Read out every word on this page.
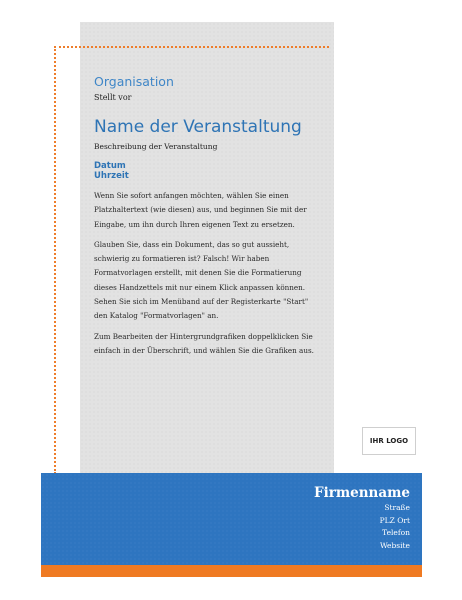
Organisation

Stellt vor

Name der Veranstaltung

Beschreibung der Veranstaltung

Datum

Uhrzeit

Wenn Sie sofort anfangen möchten, wählen Sie einen Platzhaltertext (wie diesen) aus, und beginnen Sie mit der Eingabe, um ihn durch Ihren eigenen Text zu ersetzen.

Glauben Sie, dass ein Dokument, das so gut aussieht, schwierig zu formatieren ist? Falsch! Wir haben Formatvorlagen erstellt, mit denen Sie die Formatierung dieses Handzettels mit nur einem Klick anpassen können. Sehen Sie sich im Menüband auf der Registerkarte "Start" den Katalog "Formatvorlagen" an.

Zum Bearbeiten der Hintergrundgrafiken doppelklicken Sie einfach in der Überschrift, und wählen Sie die Grafiken aus.

IHR LOGO

Firmenname

Straße

PLZ Ort

Telefon

Website
